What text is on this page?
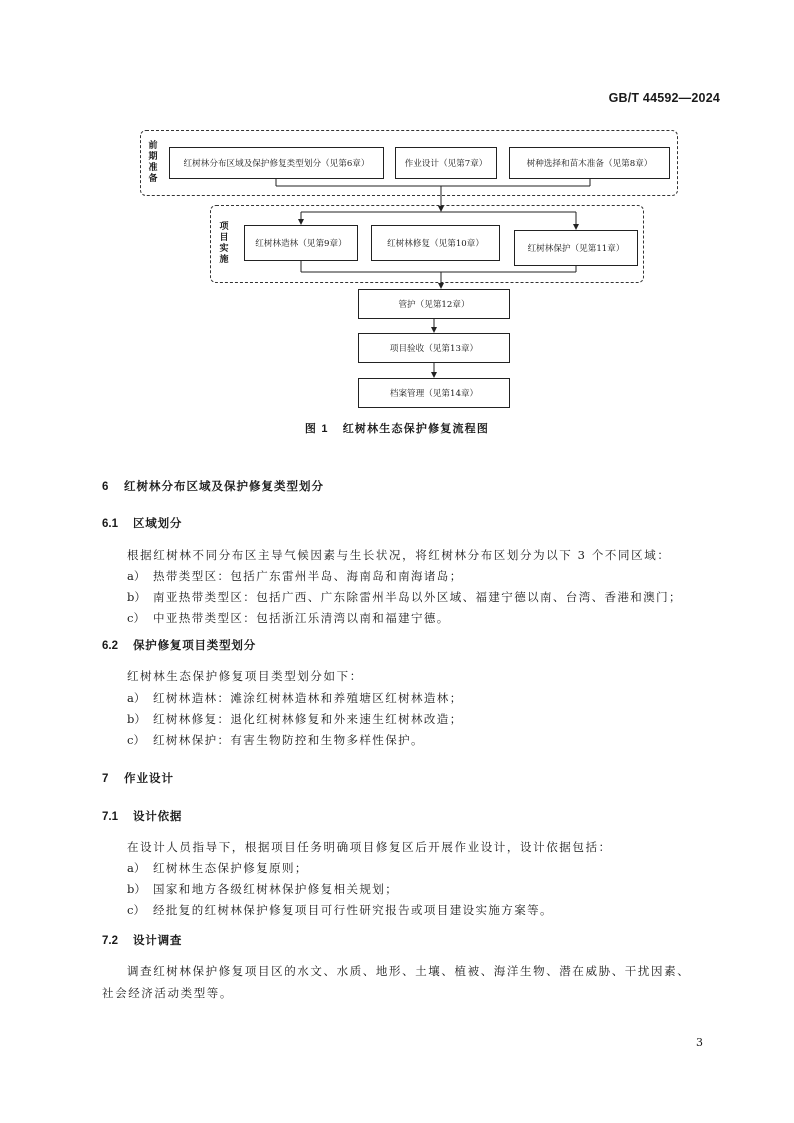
GB/T 44592—2024
前
期
准
备
红树林分布区域及保护修复类型划分（见第6章）	作业设计（见第7章）	树种选择和苗木准备（见第8章）
项
目
实
施
红树林造林（见第9章）	红树林修复（见第10章）	红树林保护（见第11章）
管护（见第12章）
项目验收（见第13章）
档案管理（见第14章）
图 1 红树林生态保护修复流程图
6 红树林分布区域及保护修复类型划分
6.1 区域划分
根据红树林不同分布区主导气候因素与生长状况，将红树林分布区划分为以下 3 个不同区域：
a） 热带类型区：包括广东雷州半岛、海南岛和南海诸岛；
b） 南亚热带类型区：包括广西、广东除雷州半岛以外区域、福建宁德以南、台湾、香港和澳门；
c） 中亚热带类型区：包括浙江乐清湾以南和福建宁德。
6.2 保护修复项目类型划分
红树林生态保护修复项目类型划分如下：
a） 红树林造林：滩涂红树林造林和养殖塘区红树林造林；
b） 红树林修复：退化红树林修复和外来速生红树林改造；
c） 红树林保护：有害生物防控和生物多样性保护。
7 作业设计
7.1 设计依据
在设计人员指导下，根据项目任务明确项目修复区后开展作业设计，设计依据包括：
a） 红树林生态保护修复原则；
b） 国家和地方各级红树林保护修复相关规划；
c） 经批复的红树林保护修复项目可行性研究报告或项目建设实施方案等。
7.2 设计调查
调查红树林保护修复项目区的水文、水质、地形、土壤、植被、海洋生物、潜在威胁、干扰因素、
社会经济活动类型等。
3
